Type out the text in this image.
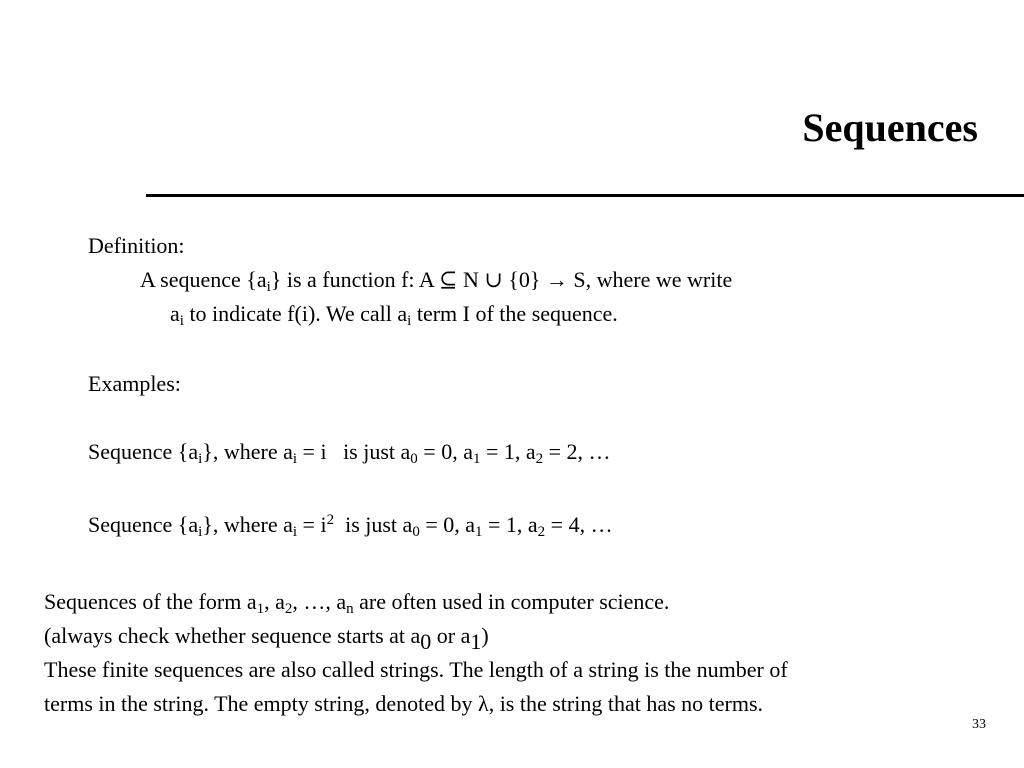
Sequences
Definition:
A sequence {ai} is a function f: A ⊆ N ∪ {0} → S, where we write
ai to indicate f(i). We call ai term I of the sequence.
Examples:
Sequence {ai}, where ai = i   is just a0 = 0, a1 = 1, a2 = 2, …
Sequence {ai}, where ai = $i^2$  is just a0 = 0, a1 = 1, a2 = 4, …
Sequences of the form a1, a2, …, an are often used in computer science.
(always check whether sequence starts at a0 or a1)
These finite sequences are also called strings. The length of a string is the number of
terms in the string. The empty string, denoted by λ, is the string that has no terms.
33
